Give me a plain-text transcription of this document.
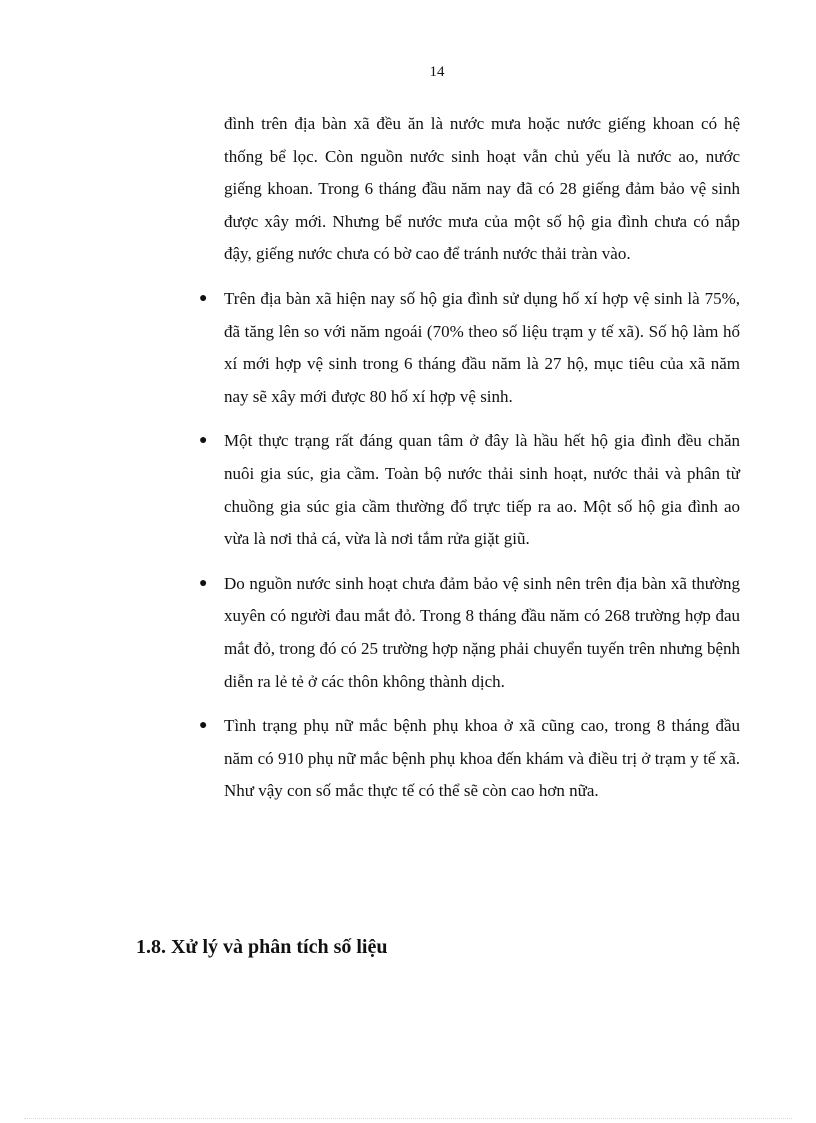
14

đình trên địa bàn xã đều ăn là nước mưa hoặc nước giếng khoan có hệ thống bể lọc. Còn nguồn nước sinh hoạt vẫn chủ yếu là nước ao, nước giếng khoan. Trong 6 tháng đầu năm nay đã có 28 giếng đảm bảo vệ sinh được xây mới. Nhưng bể nước mưa của một số hộ gia đình chưa có nắp đậy, giếng nước chưa có bờ cao để tránh nước thải tràn vào.

● Trên địa bàn xã hiện nay số hộ gia đình sử dụng hố xí hợp vệ sinh là 75%, đã tăng lên so với năm ngoái (70% theo số liệu trạm y tế xã). Số hộ làm hố xí mới hợp vệ sinh trong 6 tháng đầu năm là 27 hộ, mục tiêu của xã năm nay sẽ xây mới được 80 hố xí hợp vệ sinh.
● Một thực trạng rất đáng quan tâm ở đây là hầu hết hộ gia đình đều chăn nuôi gia súc, gia cầm. Toàn bộ nước thải sinh hoạt, nước thải và phân từ chuồng gia súc gia cầm thường đổ trực tiếp ra ao. Một số hộ gia đình ao vừa là nơi thả cá, vừa là nơi tắm rửa giặt giũ.
● Do nguồn nước sinh hoạt chưa đảm bảo vệ sinh nên trên địa bàn xã thường xuyên có người đau mắt đỏ. Trong 8 tháng đầu năm có 268 trường hợp đau mắt đỏ, trong đó có 25 trường hợp nặng phải chuyển tuyến trên nhưng bệnh diễn ra lẻ tẻ ở các thôn không thành dịch.
● Tình trạng phụ nữ mắc bệnh phụ khoa ở xã cũng cao, trong 8 tháng đầu năm có 910 phụ nữ mắc bệnh phụ khoa đến khám và điều trị ở trạm y tế xã. Như vậy con số mắc thực tế có thể sẽ còn cao hơn nữa.
1.8. Xử lý và phân tích số liệu
